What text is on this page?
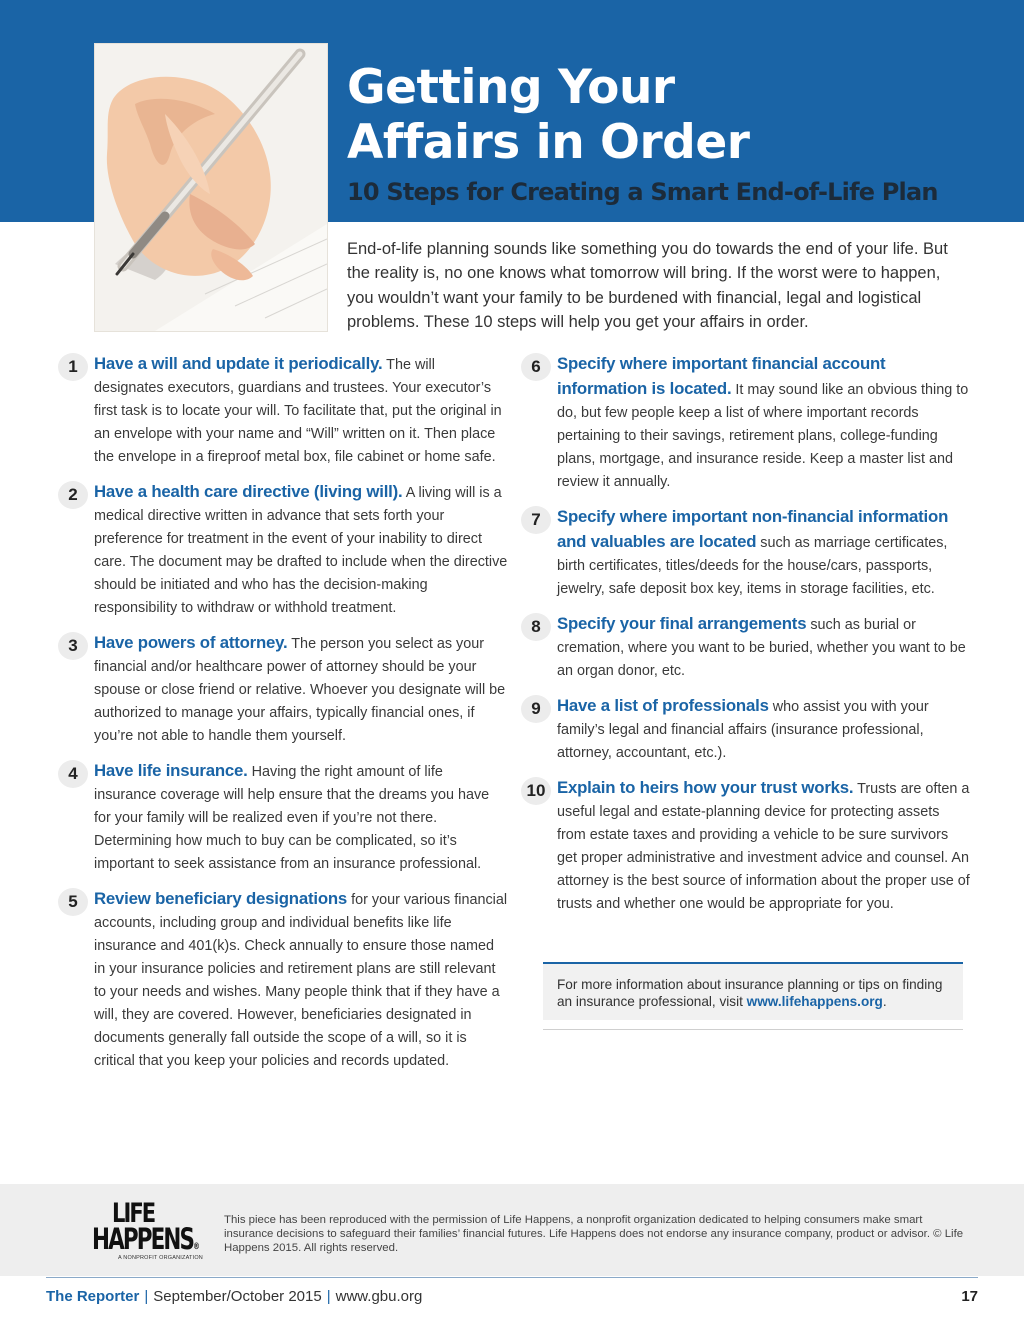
Getting Your
Affairs in Order
10 Steps for Creating a Smart End-of-Life Plan

End-of-life planning sounds like something you do towards the end of your life. But the reality is, no one knows what tomorrow will bring. If the worst were to happen, you wouldn’t want your family to be burdened with financial, legal and logistical problems. These 10 steps will help you get your affairs in order.

1 Have a will and update it periodically. The will designates executors, guardians and trustees. Your executor’s first task is to locate your will. To facilitate that, put the original in an envelope with your name and “Will” written on it. Then place the envelope in a fireproof metal box, file cabinet or home safe.
2 Have a health care directive (living will). A living will is a medical directive written in advance that sets forth your preference for treatment in the event of your inability to direct care. The document may be drafted to include when the directive should be initiated and who has the decision-making responsibility to withdraw or withhold treatment.
3 Have powers of attorney. The person you select as your financial and/or healthcare power of attorney should be your spouse or close friend or relative. Whoever you designate will be authorized to manage your affairs, typically financial ones, if you’re not able to handle them yourself.
4 Have life insurance. Having the right amount of life insurance coverage will help ensure that the dreams you have for your family will be realized even if you’re not there. Determining how much to buy can be complicated, so it’s important to seek assistance from an insurance professional.
5 Review beneficiary designations for your various financial accounts, including group and individual benefits like life insurance and 401(k)s. Check annually to ensure those named in your insurance policies and retirement plans are still relevant to your needs and wishes. Many people think that if they have a will, they are covered. However, beneficiaries designated in documents generally fall outside the scope of a will, so it is critical that you keep your policies and records updated.
6 Specify where important financial account information is located. It may sound like an obvious thing to do, but few people keep a list of where important records pertaining to their savings, retirement plans, college-funding plans, mortgage, and insurance reside. Keep a master list and review it annually.
7 Specify where important non-financial information and valuables are located such as marriage certificates, birth certificates, titles/deeds for the house/cars, passports, jewelry, safe deposit box key, items in storage facilities, etc.
8 Specify your final arrangements such as burial or cremation, where you want to be buried, whether you want to be an organ donor, etc.
9 Have a list of professionals who assist you with your family’s legal and financial affairs (insurance professional, attorney, accountant, etc.).
10 Explain to heirs how your trust works. Trusts are often a useful legal and estate-planning device for protecting assets from estate taxes and providing a vehicle to be sure survivors get proper administrative and investment advice and counsel. An attorney is the best source of information about the proper use of trusts and whether one would be appropriate for you.
For more information about insurance planning or tips on finding an insurance professional, visit www.lifehappens.org.
LIFE
HAPPENS®
A NONPROFIT ORGANIZATION

This piece has been reproduced with the permission of Life Happens, a nonprofit organization dedicated to helping consumers make smart insurance decisions to safeguard their families’ financial futures. Life Happens does not endorse any insurance company, product or advisor. © Life Happens 2015. All rights reserved.

The Reporter | September/October 2015 | www.gbu.org	17
